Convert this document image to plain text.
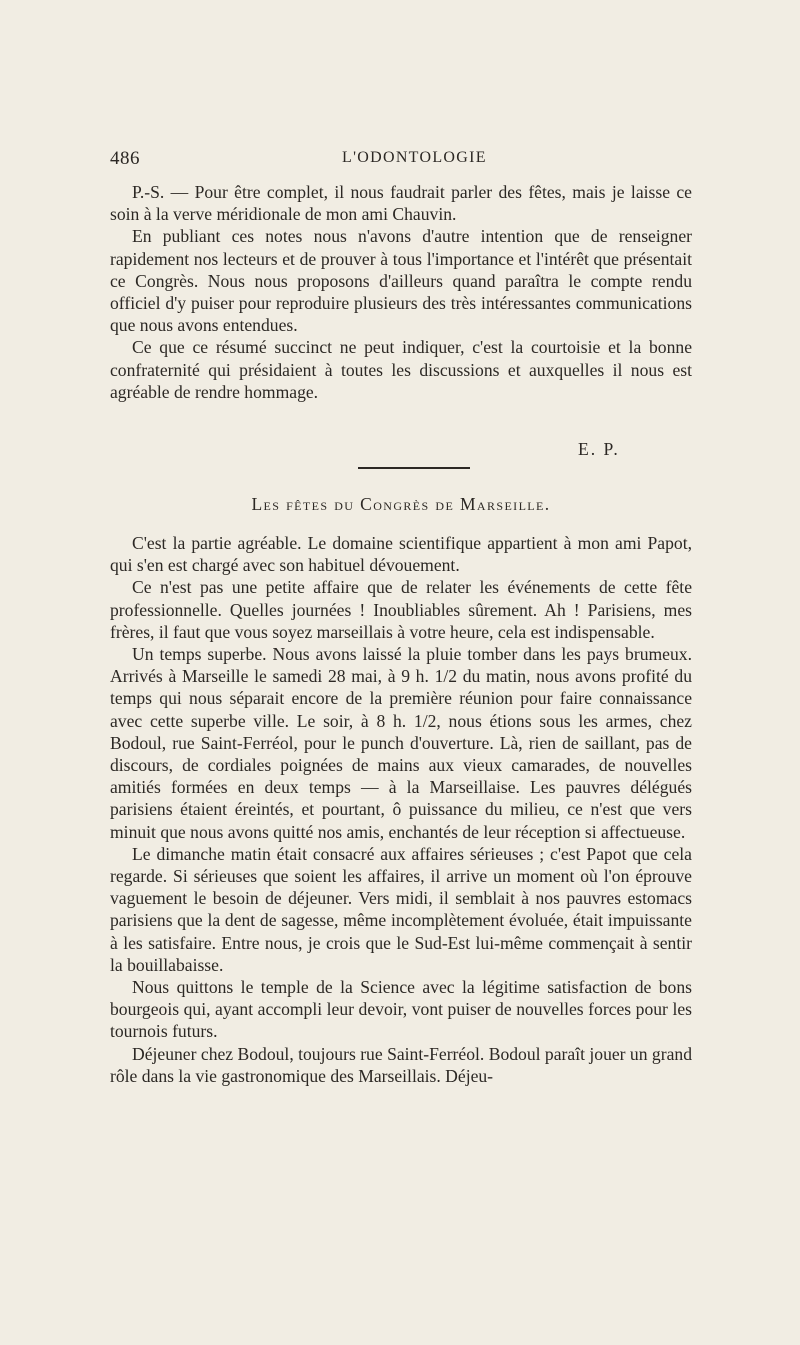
486	L'ODONTOLOGIE

P.-S. — Pour être complet, il nous faudrait parler des fêtes, mais je laisse ce soin à la verve méridionale de mon ami Chauvin.

En publiant ces notes nous n'avons d'autre intention que de renseigner rapidement nos lecteurs et de prouver à tous l'importance et l'intérêt que présentait ce Congrès. Nous nous proposons d'ailleurs quand paraîtra le compte rendu officiel d'y puiser pour reproduire plusieurs des très intéressantes communications que nous avons entendues.

Ce que ce résumé succinct ne peut indiquer, c'est la courtoisie et la bonne confraternité qui présidaient à toutes les discussions et auxquelles il nous est agréable de rendre hommage.

E. P.
Les fêtes du Congrès de Marseille.

C'est la partie agréable. Le domaine scientifique appartient à mon ami Papot, qui s'en est chargé avec son habituel dévouement.

Ce n'est pas une petite affaire que de relater les événements de cette fête professionnelle. Quelles journées ! Inoubliables sûrement. Ah ! Parisiens, mes frères, il faut que vous soyez marseillais à votre heure, cela est indispensable.

Un temps superbe. Nous avons laissé la pluie tomber dans les pays brumeux. Arrivés à Marseille le samedi 28 mai, à 9 h. 1/2 du matin, nous avons profité du temps qui nous séparait encore de la première réunion pour faire connaissance avec cette superbe ville. Le soir, à 8 h. 1/2, nous étions sous les armes, chez Bodoul, rue Saint-Ferréol, pour le punch d'ouverture. Là, rien de saillant, pas de discours, de cordiales poignées de mains aux vieux camarades, de nouvelles amitiés formées en deux temps — à la Marseillaise. Les pauvres délégués parisiens étaient éreintés, et pourtant, ô puissance du milieu, ce n'est que vers minuit que nous avons quitté nos amis, enchantés de leur réception si affectueuse.

Le dimanche matin était consacré aux affaires sérieuses ; c'est Papot que cela regarde. Si sérieuses que soient les affaires, il arrive un moment où l'on éprouve vaguement le besoin de déjeuner. Vers midi, il semblait à nos pauvres estomacs parisiens que la dent de sagesse, même incomplètement évoluée, était impuissante à les satisfaire. Entre nous, je crois que le Sud-Est lui-même commençait à sentir la bouillabaisse.

Nous quittons le temple de la Science avec la légitime satisfaction de bons bourgeois qui, ayant accompli leur devoir, vont puiser de nouvelles forces pour les tournois futurs.

Déjeuner chez Bodoul, toujours rue Saint-Ferréol. Bodoul paraît jouer un grand rôle dans la vie gastronomique des Marseillais. Déjeu-
